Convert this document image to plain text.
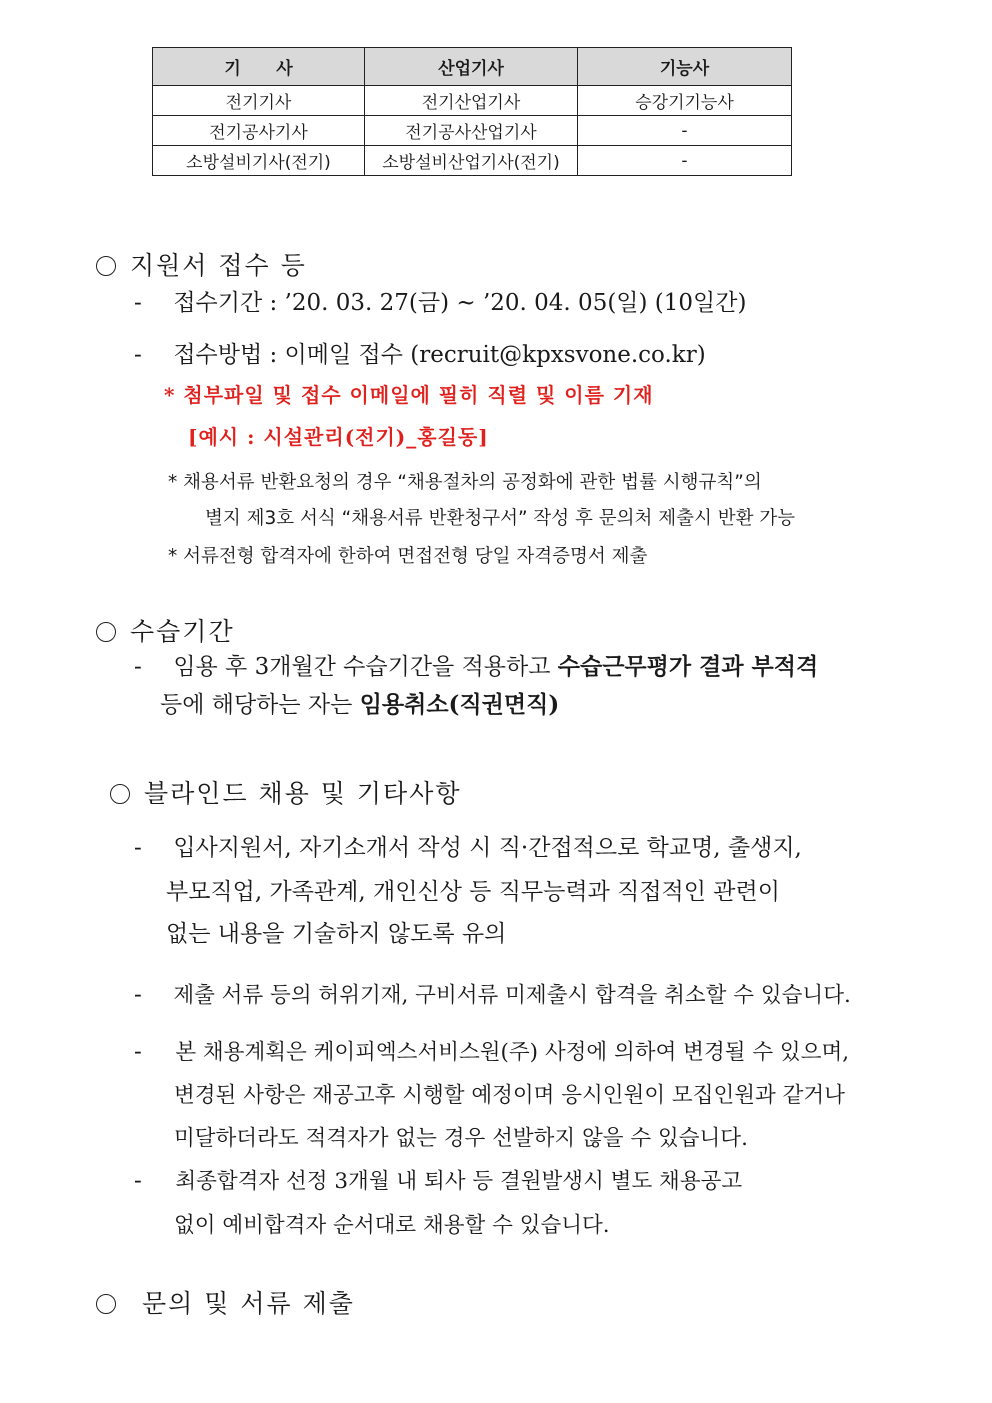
기      사	산업기사	기능사
전기기사	전기산업기사	승강기기능사
전기공사기사	전기공사산업기사	-
소방설비기사(전기)	소방설비산업기사(전기)	-
지원서 접수 등
- 접수기간 : ’20. 03. 27(금) ~ ’20. 04. 05(일) (10일간)
- 접수방법 : 이메일 접수 (recruit@kpxsvone.co.kr)
* 첨부파일 및 접수 이메일에 필히 직렬 및 이름 기재
[예시 : 시설관리(전기)_홍길동]
* 채용서류 반환요청의 경우 “채용절차의 공정화에 관한 법률 시행규칙”의
별지 제3호 서식 “채용서류 반환청구서” 작성 후 문의처 제출시 반환 가능
* 서류전형 합격자에 한하여 면접전형 당일 자격증명서 제출
수습기간
- 임용 후 3개월간 수습기간을 적용하고 수습근무평가 결과 부적격
등에 해당하는 자는 임용취소(직권면직)
블라인드 채용 및 기타사항
- 입사지원서, 자기소개서 작성 시 직·간접적으로 학교명, 출생지,
부모직업, 가족관계, 개인신상 등 직무능력과 직접적인 관련이
없는 내용을 기술하지 않도록 유의
- 제출 서류 등의 허위기재, 구비서류 미제출시 합격을 취소할 수 있습니다.
- 본 채용계획은 케이피엑스서비스원(주) 사정에 의하여 변경될 수 있으며,
변경된 사항은 재공고후 시행할 예정이며 응시인원이 모집인원과 같거나
미달하더라도 적격자가 없는 경우 선발하지 않을 수 있습니다.
- 최종합격자 선정 3개월 내 퇴사 등 결원발생시 별도 채용공고
없이 예비합격자 순서대로 채용할 수 있습니다.
문의 및 서류 제출
